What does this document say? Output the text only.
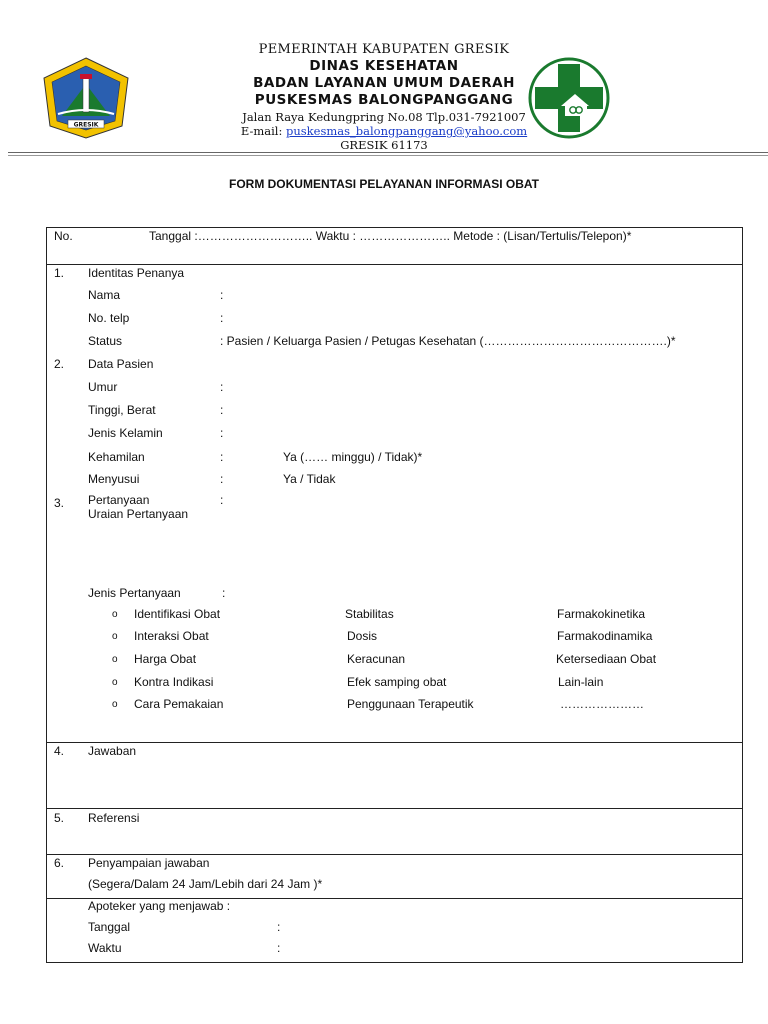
GRESIK
PEMERINTAH KABUPATEN GRESIK
DINAS KESEHATAN
BADAN LAYANAN UMUM DAERAH
PUSKESMAS BALONGPANGGANG
Jalan Raya Kedungpring No.08 Tlp.031-7921007
E-mail: puskesmas_balongpanggang@yahoo.com
GRESIK 61173
FORM DOKUMENTASI PELAYANAN INFORMASI OBAT
No.	Tanggal :……………………….. Waktu : ………………….. Metode : (Lisan/Tertulis/Telepon)*
1. Identitas Penanya
Nama	:
No. telp	:
Status	: Pasien / Keluarga Pasien / Petugas Kesehatan (……………………………………….)*
2. Data Pasien
Umur	:
Tinggi, Berat	:
Jenis Kelamin	:
Kehamilan	:	Ya (…… minggu) / Tidak)*
Menyusui	:	Ya / Tidak
3. Pertanyaan	:
Uraian Pertanyaan
Jenis Pertanyaan	:
o Identifikasi Obat	Stabilitas	Farmakokinetika
o Interaksi Obat	Dosis	Farmakodinamika
o Harga Obat	Keracunan	Ketersediaan Obat
o Kontra Indikasi	Efek samping obat	Lain-lain
o Cara Pemakaian	Penggunaan Terapeutik	…………………
4. Jawaban
5. Referensi
6. Penyampaian jawaban
(Segera/Dalam 24 Jam/Lebih dari 24 Jam )*
Apoteker yang menjawab :
Tanggal	:
Waktu	:
